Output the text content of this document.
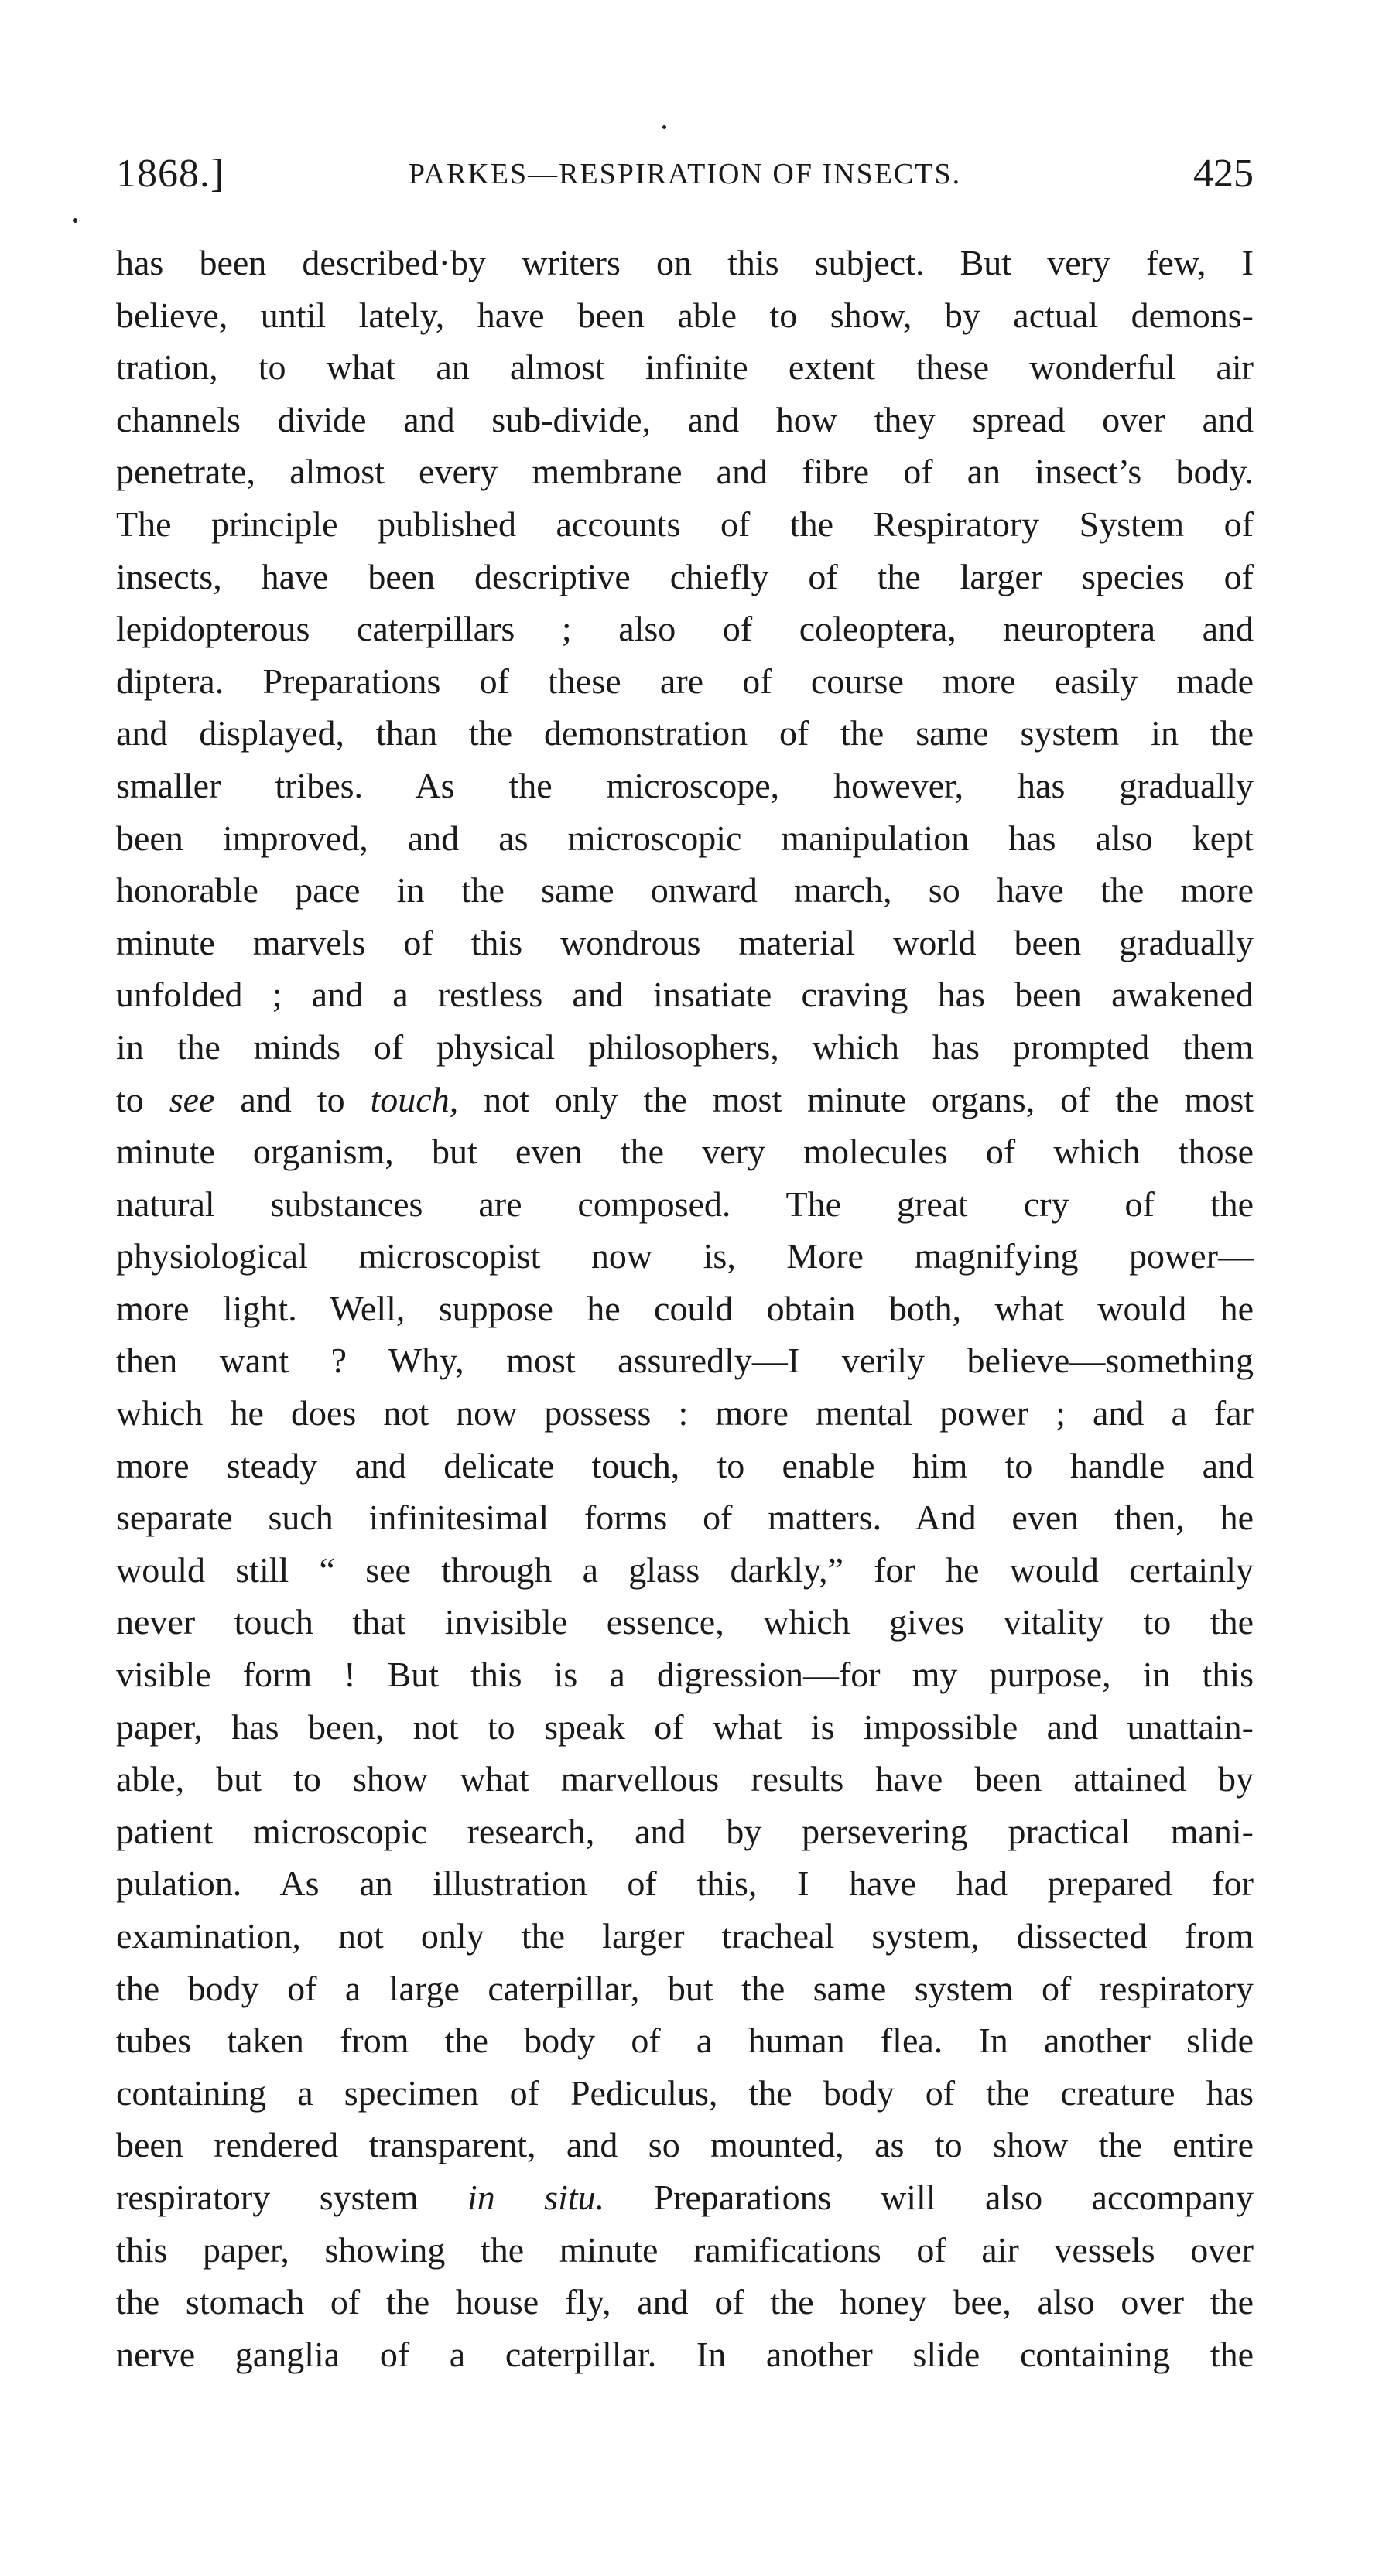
1868.]	PARKES—RESPIRATION OF INSECTS.	425
has been described·by writers on this subject. But very few, I
believe, until lately, have been able to show, by actual demons-
tration, to what an almost infinite extent these wonderful air
channels divide and sub-divide, and how they spread over and
penetrate, almost every membrane and fibre of an insect’s body.
The principle published accounts of the Respiratory System of
insects, have been descriptive chiefly of the larger species of
lepidopterous caterpillars ; also of coleoptera, neuroptera and
diptera. Preparations of these are of course more easily made
and displayed, than the demonstration of the same system in the
smaller tribes. As the microscope, however, has gradually
been improved, and as microscopic manipulation has also kept
honorable pace in the same onward march, so have the more
minute marvels of this wondrous material world been gradually
unfolded ; and a restless and insatiate craving has been awakened
in the minds of physical philosophers, which has prompted them
to see and to touch, not only the most minute organs, of the most
minute organism, but even the very molecules of which those
natural substances are composed. The great cry of the
physiological microscopist now is, More magnifying power—
more light. Well, suppose he could obtain both, what would he
then want ? Why, most assuredly—I verily believe—something
which he does not now possess : more mental power ; and a far
more steady and delicate touch, to enable him to handle and
separate such infinitesimal forms of matters. And even then, he
would still “ see through a glass darkly,” for he would certainly
never touch that invisible essence, which gives vitality to the
visible form ! But this is a digression—for my purpose, in this
paper, has been, not to speak of what is impossible and unattain-
able, but to show what marvellous results have been attained by
patient microscopic research, and by persevering practical mani-
pulation. As an illustration of this, I have had prepared for
examination, not only the larger tracheal system, dissected from
the body of a large caterpillar, but the same system of respiratory
tubes taken from the body of a human flea. In another slide
containing a specimen of Pediculus, the body of the creature has
been rendered transparent, and so mounted, as to show the entire
respiratory system in situ. Preparations will also accompany
this paper, showing the minute ramifications of air vessels over
the stomach of the house fly, and of the honey bee, also over the
nerve ganglia of a caterpillar. In another slide containing the
